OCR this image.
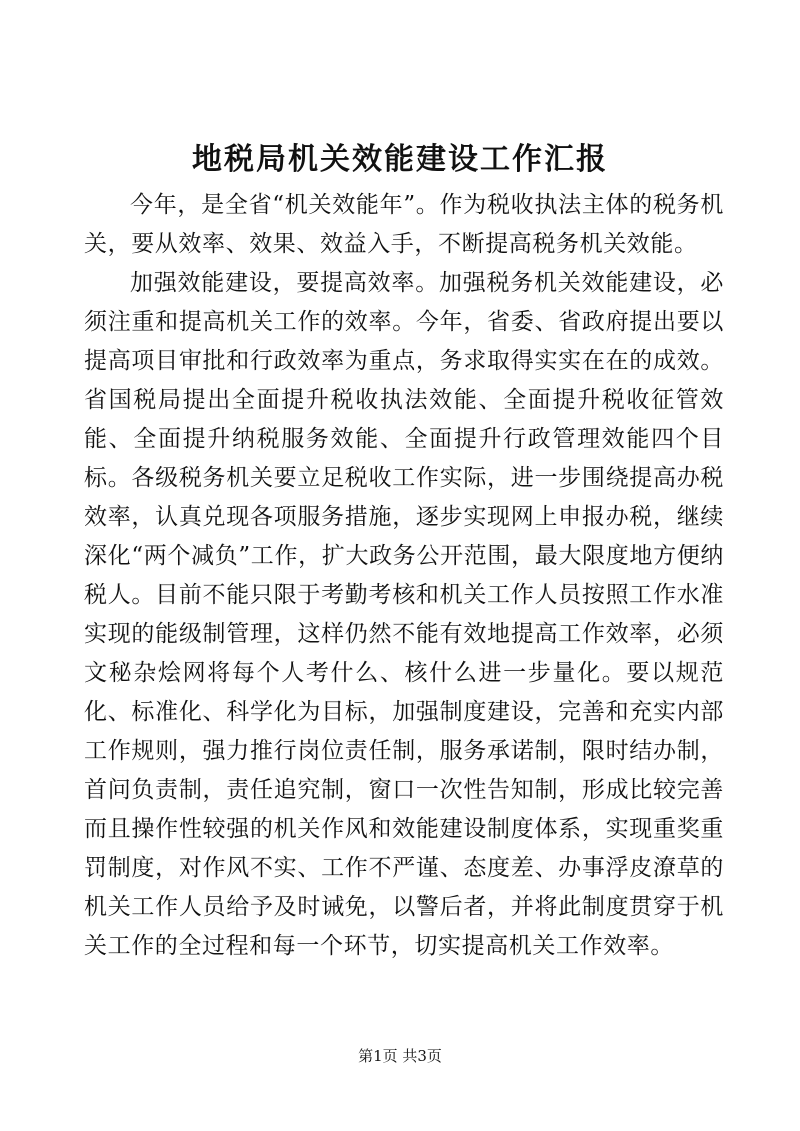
地税局机关效能建设工作汇报

今年，是全省“机关效能年”。作为税收执法主体的税务机关，要从效率、效果、效益入手，不断提高税务机关效能。

加强效能建设，要提高效率。加强税务机关效能建设，必须注重和提高机关工作的效率。今年，省委、省政府提出要以提高项目审批和行政效率为重点，务求取得实实在在的成效。省国税局提出全面提升税收执法效能、全面提升税收征管效能、全面提升纳税服务效能、全面提升行政管理效能四个目标。各级税务机关要立足税收工作实际，进一步围绕提高办税效率，认真兑现各项服务措施，逐步实现网上申报办税，继续深化“两个减负”工作，扩大政务公开范围，最大限度地方便纳税人。目前不能只限于考勤考核和机关工作人员按照工作水准实现的能级制管理，这样仍然不能有效地提高工作效率，必须文秘杂烩网将每个人考什么、核什么进一步量化。要以规范化、标准化、科学化为目标，加强制度建设，完善和充实内部工作规则，强力推行岗位责任制，服务承诺制，限时结办制，首问负责制，责任追究制，窗口一次性告知制，形成比较完善而且操作性较强的机关作风和效能建设制度体系，实现重奖重罚制度，对作风不实、工作不严谨、态度差、办事浮皮潦草的机关工作人员给予及时诫免，以警后者，并将此制度贯穿于机关工作的全过程和每一个环节，切实提高机关工作效率。

第1页 共3页
